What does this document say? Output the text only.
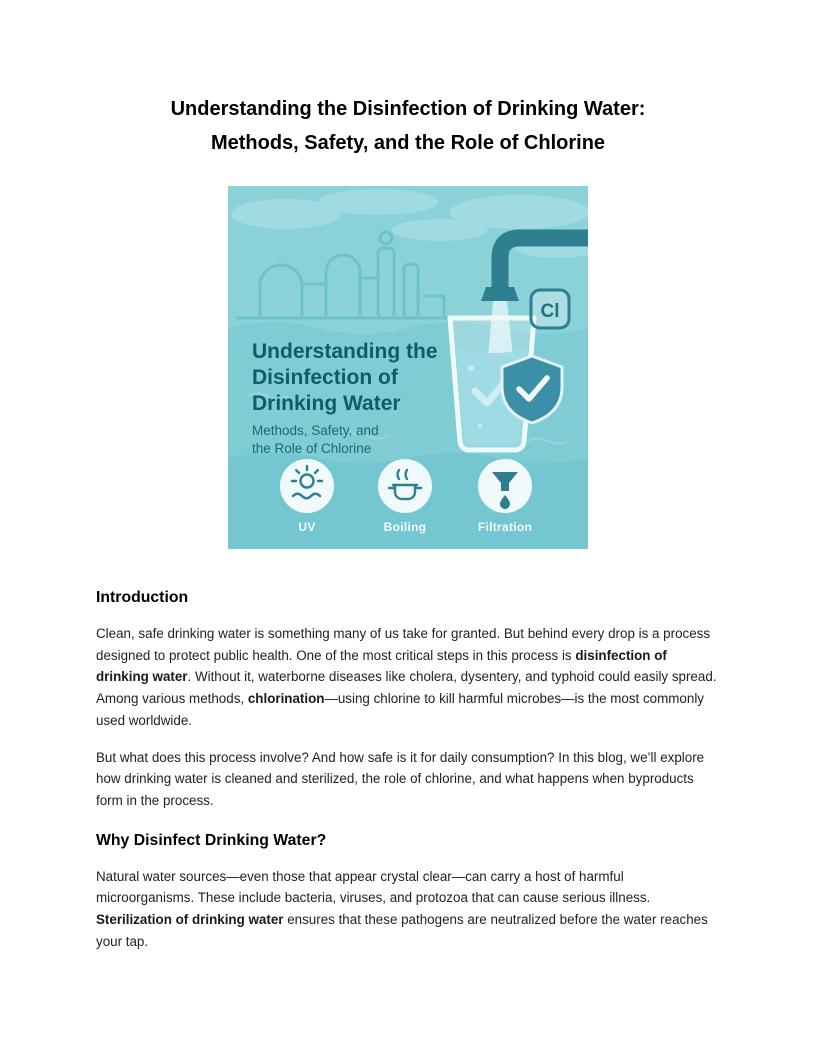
Understanding the Disinfection of Drinking Water:
Methods, Safety, and the Role of Chlorine
Cl
Understanding the
Disinfection of
Drinking Water
Methods, Safety, and
the Role of Chlorine
UV	Boiling	Filtration
Introduction

Clean, safe drinking water is something many of us take for granted. But behind every drop is a process designed to protect public health. One of the most critical steps in this process is disinfection of drinking water. Without it, waterborne diseases like cholera, dysentery, and typhoid could easily spread. Among various methods, chlorination—using chlorine to kill harmful microbes—is the most commonly used worldwide.

But what does this process involve? And how safe is it for daily consumption? In this blog, we’ll explore how drinking water is cleaned and sterilized, the role of chlorine, and what happens when byproducts form in the process.

Why Disinfect Drinking Water?

Natural water sources—even those that appear crystal clear—can carry a host of harmful microorganisms. These include bacteria, viruses, and protozoa that can cause serious illness. Sterilization of drinking water ensures that these pathogens are neutralized before the water reaches your tap.
